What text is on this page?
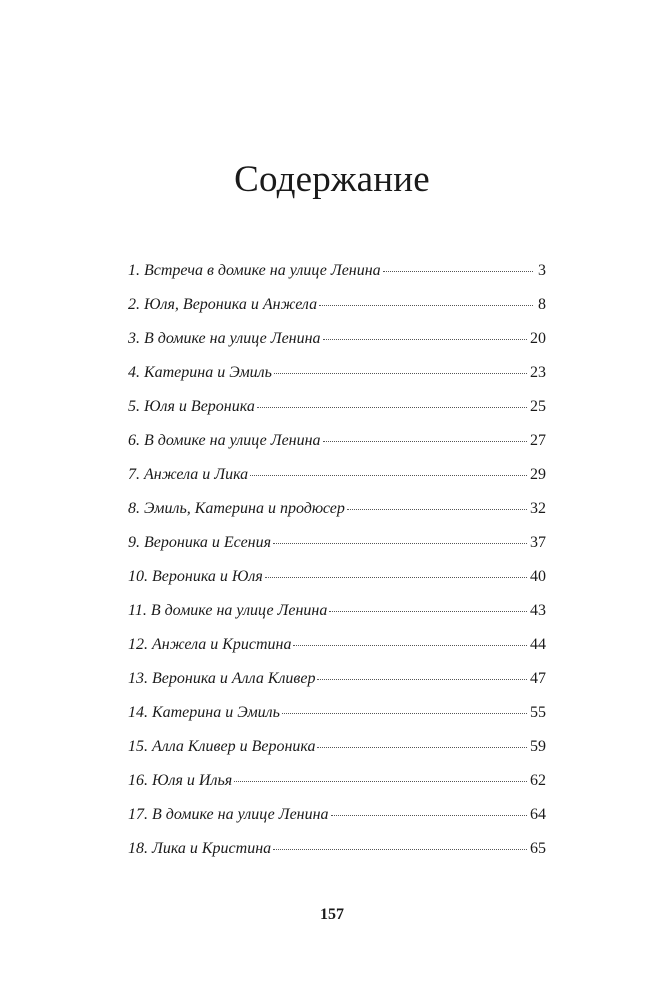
Содержание
1. Встреча в домике на улице Ленина	3
2. Юля, Вероника и Анжела	8
3. В домике на улице Ленина	20
4. Катерина и Эмиль	23
5. Юля и Вероника	25
6. В домике на улице Ленина	27
7. Анжела и Лика	29
8. Эмиль, Катерина и продюсер	32
9. Вероника и Есения	37
10. Вероника и Юля	40
11. В домике на улице Ленина	43
12. Анжела и Кристина	44
13. Вероника и Алла Кливер	47
14. Катерина и Эмиль	55
15. Алла Кливер и Вероника	59
16. Юля и Илья	62
17. В домике на улице Ленина	64
18. Лика и Кристина	65
157
